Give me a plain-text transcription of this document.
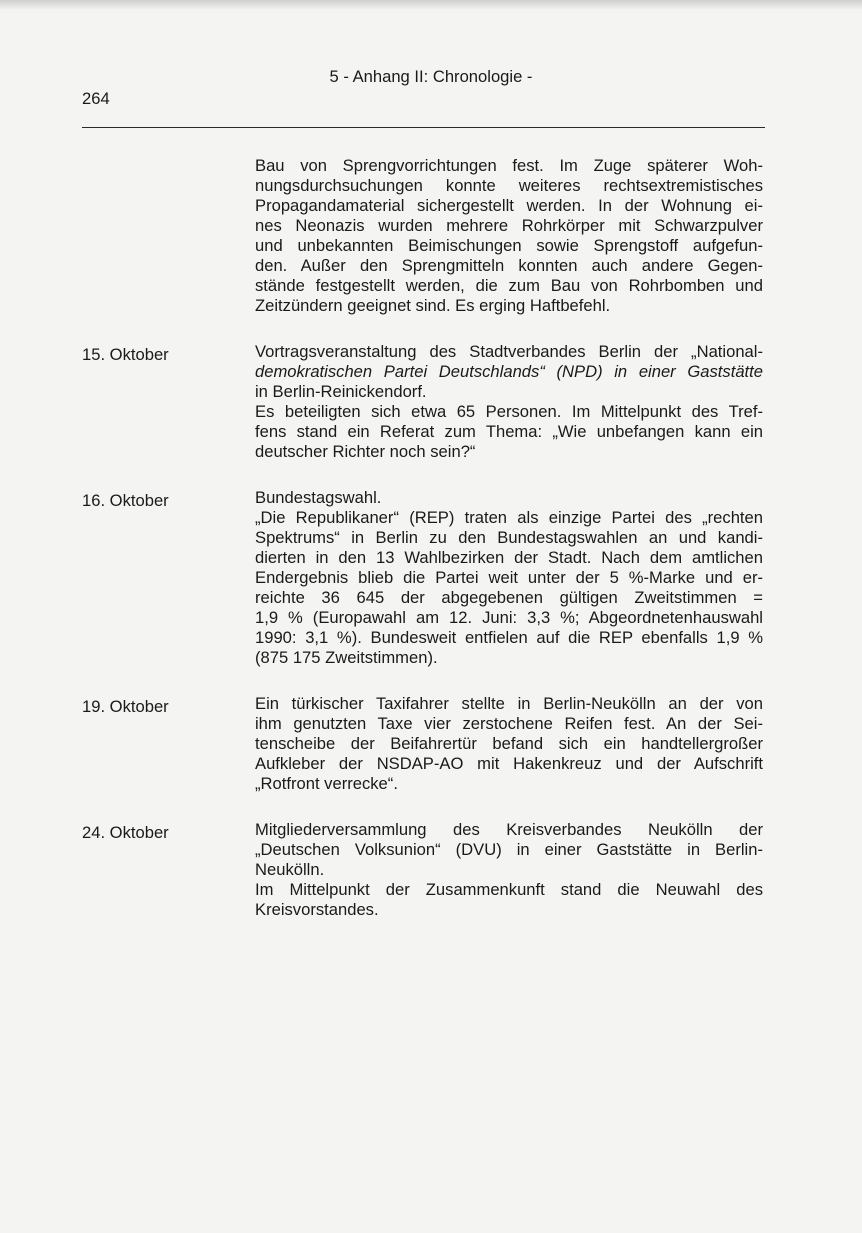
5 - Anhang II: Chronologie -
264
Bau von Sprengvorrichtungen fest. Im Zuge späterer Woh-
nungsdurchsuchungen konnte weiteres rechtsextremistisches
Propagandamaterial sichergestellt werden. In der Wohnung ei-
nes Neonazis wurden mehrere Rohrkörper mit Schwarzpulver
und unbekannten Beimischungen sowie Sprengstoff aufgefun-
den. Außer den Sprengmitteln konnten auch andere Gegen-
stände festgestellt werden, die zum Bau von Rohrbomben und
Zeitzündern geeignet sind. Es erging Haftbefehl.
15. Oktober	Vortragsveranstaltung des Stadtverbandes Berlin der „National-
demokratischen Partei Deutschlands“ (NPD) in einer Gaststätte
in Berlin-Reinickendorf.
Es beteiligten sich etwa 65 Personen. Im Mittelpunkt des Tref-
fens stand ein Referat zum Thema: „Wie unbefangen kann ein
deutscher Richter noch sein?“
16. Oktober	Bundestagswahl.
„Die Republikaner“ (REP) traten als einzige Partei des „rechten
Spektrums“ in Berlin zu den Bundestagswahlen an und kandi-
dierten in den 13 Wahlbezirken der Stadt. Nach dem amtlichen
Endergebnis blieb die Partei weit unter der 5 %-Marke und er-
reichte 36 645 der abgegebenen gültigen Zweitstimmen =
1,9 % (Europawahl am 12. Juni: 3,3 %; Abgeordnetenhauswahl
1990: 3,1 %). Bundesweit entfielen auf die REP ebenfalls 1,9 %
(875 175 Zweitstimmen).
19. Oktober	Ein türkischer Taxifahrer stellte in Berlin-Neukölln an der von
ihm genutzten Taxe vier zerstochene Reifen fest. An der Sei-
tenscheibe der Beifahrertür befand sich ein handtellergroßer
Aufkleber der NSDAP-AO mit Hakenkreuz und der Aufschrift
„Rotfront verrecke“.
24. Oktober	Mitgliederversammlung des Kreisverbandes Neukölln der
„Deutschen Volksunion“ (DVU) in einer Gaststätte in Berlin-
Neukölln.
Im Mittelpunkt der Zusammenkunft stand die Neuwahl des
Kreisvorstandes.
